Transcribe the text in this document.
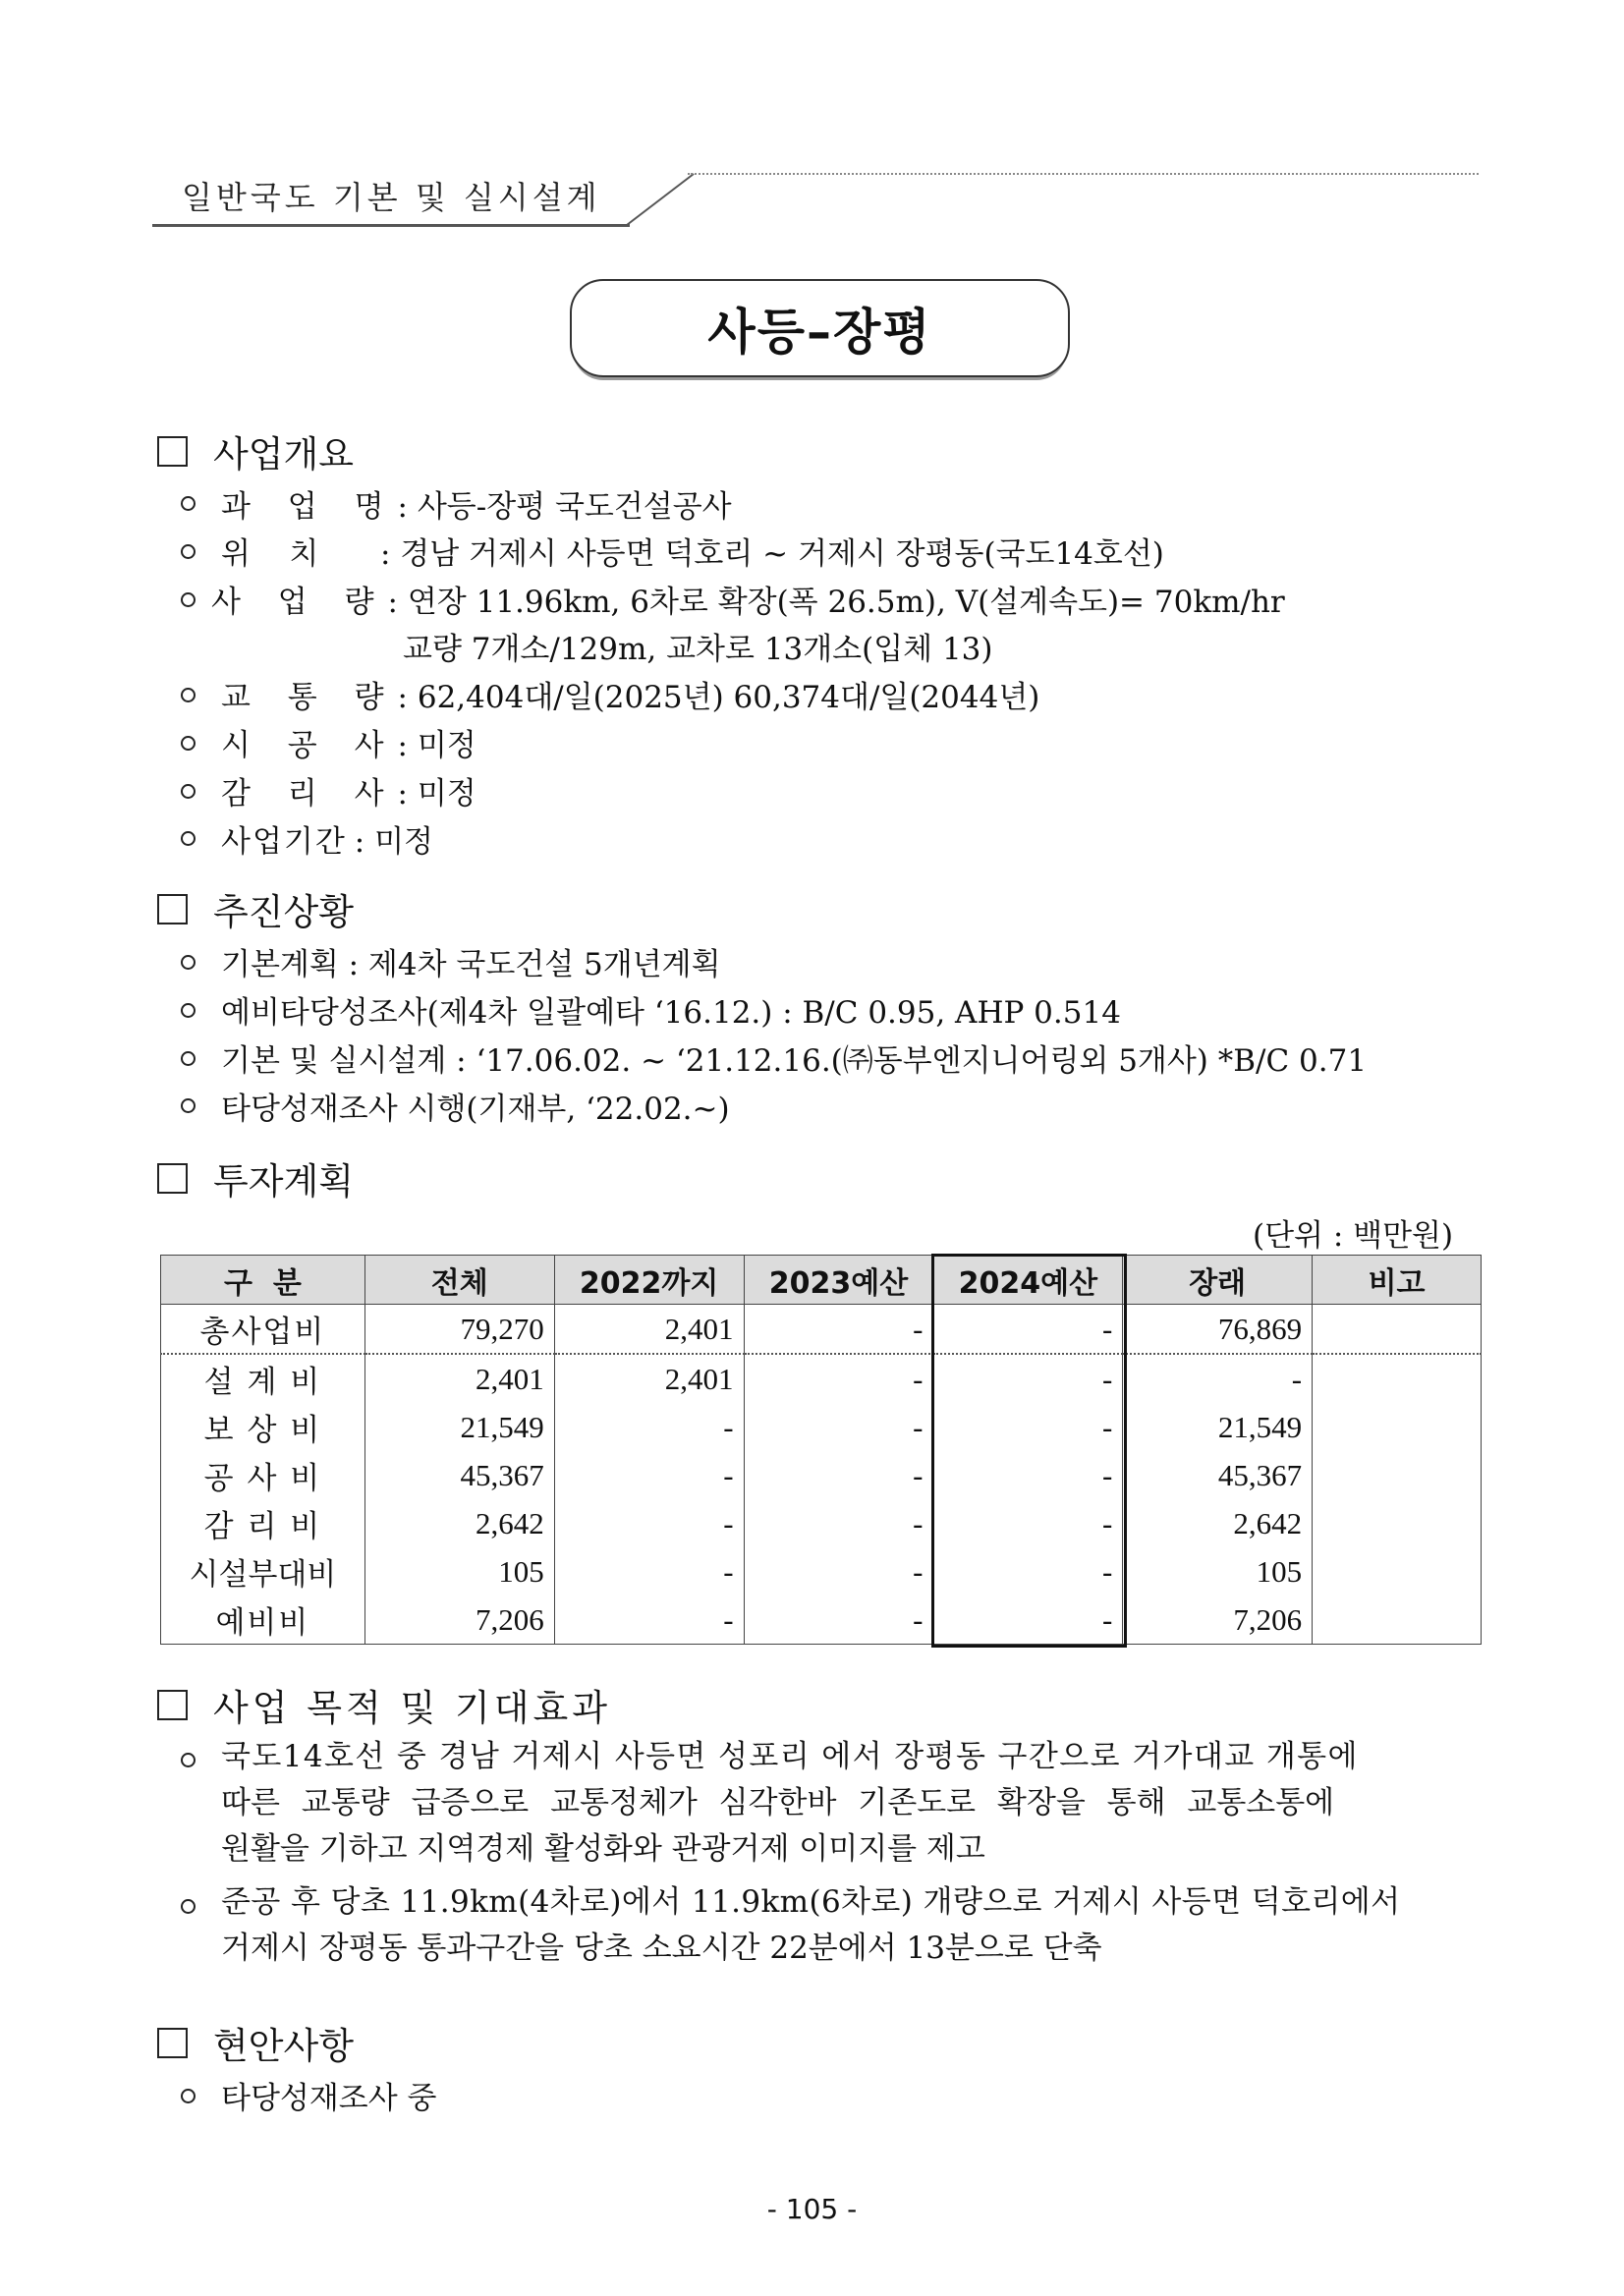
일반국도 기본 및 실시설계
사등–장평
사업개요
과 업 명: 사등-장평 국도건설공사
위    치 : 경남 거제시 사등면 덕호리 ~ 거제시 장평동(국도14호선)
사 업 량: 연장 11.96km, 6차로 확장(폭 26.5m), V(설계속도)= 70km/hr
교량 7개소/129m, 교차로 13개소(입체 13)
교 통 량: 62,404대/일(2025년) 60,374대/일(2044년)
시 공 사: 미정
감 리 사: 미정
사업기간 : 미정
추진상황
기본계획 : 제4차 국도건설 5개년계획
예비타당성조사(제4차 일괄예타 ‘16.12.) : B/C 0.95, AHP 0.514
기본 및 실시설계 : ‘17.06.02. ~ ‘21.12.16.(㈜동부엔지니어링외 5개사) *B/C 0.71
타당성재조사 시행(기재부, ‘22.02.~)
투자계획
(단위 : 백만원)
구  분	전체	2022까지	2023예산	2024예산	장래	비고
총사업비	79,270	2,401	-	-	76,869	
설 계 비	2,401	2,401	-	-	-	
보 상 비	21,549	-	-	-	21,549	
공 사 비	45,367	-	-	-	45,367	
감 리 비	2,642	-	-	-	2,642	
시설부대비	105	-	-	-	105	
예비비	7,206	-	-	-	7,206	
사업 목적 및 기대효과
국도14호선 중 경남 거제시 사등면 성포리 에서 장평동 구간으로 거가대교 개통에
따른 교통량 급증으로 교통정체가 심각한바 기존도로 확장을 통해 교통소통에
원활을 기하고 지역경제 활성화와 관광거제 이미지를 제고
준공 후 당초 11.9km(4차로)에서 11.9km(6차로) 개량으로 거제시 사등면 덕호리에서
거제시 장평동 통과구간을 당초 소요시간 22분에서 13분으로 단축
현안사항
타당성재조사 중
- 105 -
